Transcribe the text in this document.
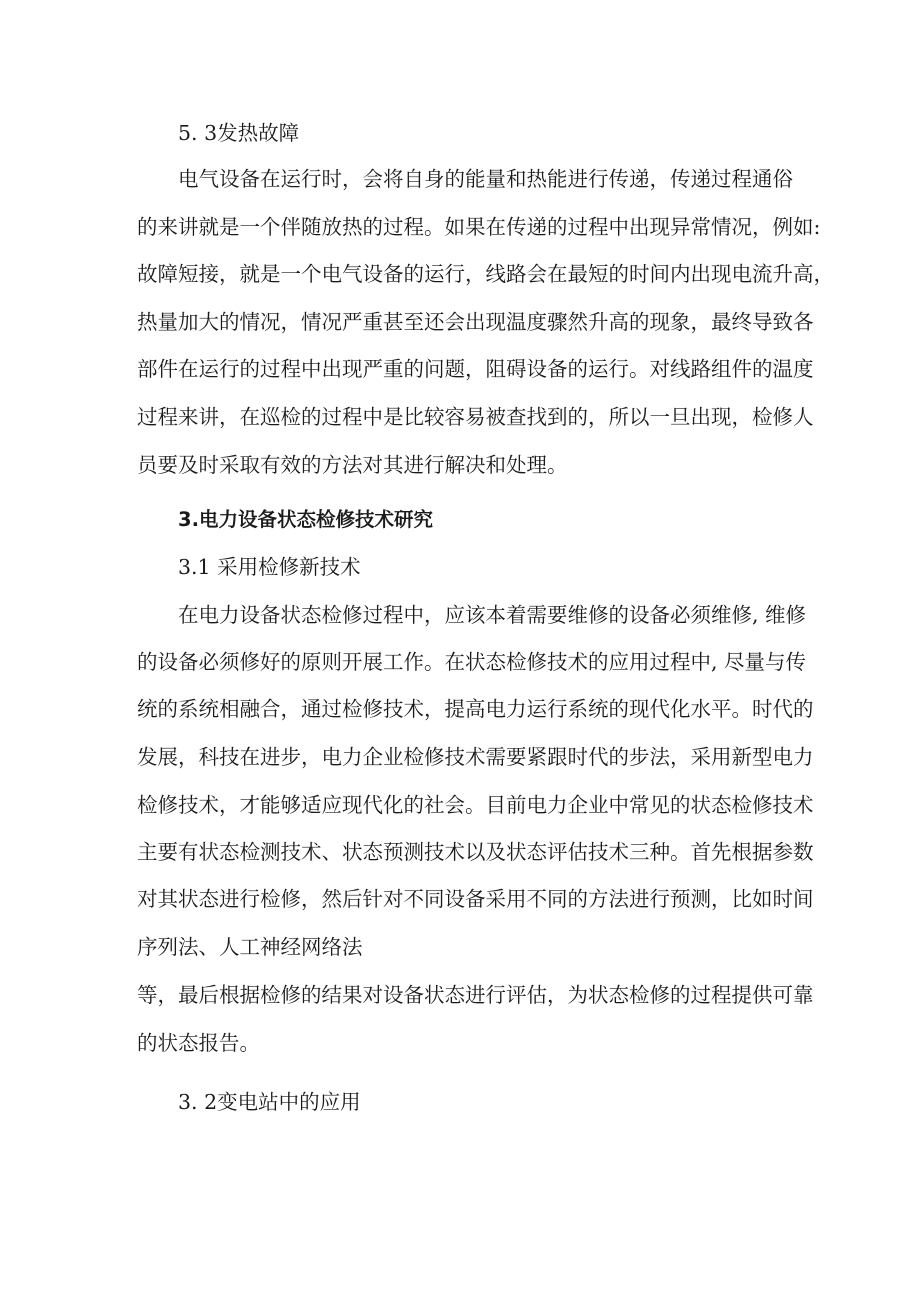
5. 3发热故障
电气设备在运行时，会将自身的能量和热能进行传递，传递过程通俗
的来讲就是一个伴随放热的过程。如果在传递的过程中出现异常情况，例如:
故障短接，就是一个电气设备的运行，线路会在最短的时间内出现电流升高，
热量加大的情况，情况严重甚至还会出现温度骤然升高的现象，最终导致各
部件在运行的过程中出现严重的问题，阻碍设备的运行。对线路组件的温度
过程来讲，在巡检的过程中是比较容易被查找到的，所以一旦出现，检修人
员要及时采取有效的方法对其进行解决和处理。
3.电力设备状态检修技术研究
3.1 采用检修新技术
在电力设备状态检修过程中，应该本着需要维修的设备必须维修, 维修
的设备必须修好的原则开展工作。在状态检修技术的应用过程中, 尽量与传
统的系统相融合，通过检修技术，提高电力运行系统的现代化水平。时代的
发展，科技在进步，电力企业检修技术需要紧跟时代的步法，采用新型电力
检修技术，才能够适应现代化的社会。目前电力企业中常见的状态检修技术
主要有状态检测技术、状态预测技术以及状态评估技术三种。首先根据参数
对其状态进行检修，然后针对不同设备采用不同的方法进行预测，比如时间
序列法、人工神经网络法
等，最后根据检修的结果对设备状态进行评估，为状态检修的过程提供可靠
的状态报告。
3. 2变电站中的应用
